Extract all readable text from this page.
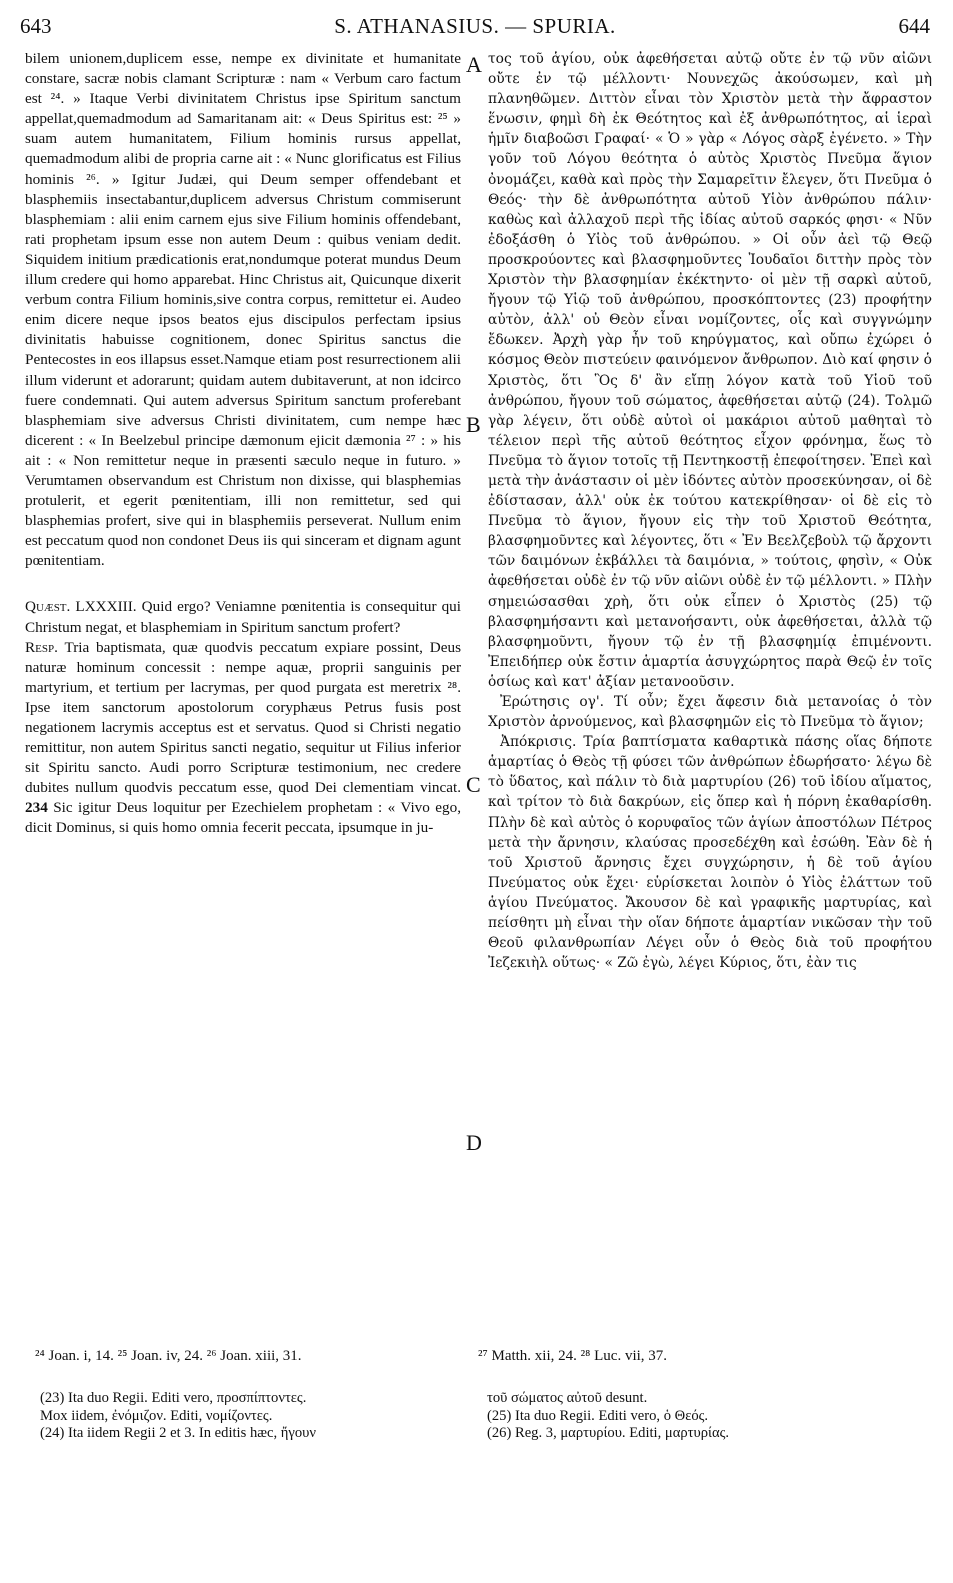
643	S. ATHANASIUS. — SPURIA.	644

bilem unionem,duplicem esse, nempe ex divinitate et humanitate constare, sacræ nobis clamant Scripturæ : nam « Verbum caro factum est ²⁴. » Itaque Verbi divinitatem Christus ipse Spiritum sanctum appellat,quemadmodum ad Samaritanam ait: « Deus Spiritus est: ²⁵ » suam autem humanitatem, Filium hominis rursus appellat, quemadmodum alibi de propria carne ait : « Nunc glorificatus est Filius hominis ²⁶. » Igitur Judæi, qui Deum semper offendebant et blasphemiis insectabantur,duplicem adversus Christum commiserunt blasphemiam : alii enim carnem ejus sive Filium hominis offendebant, rati prophetam ipsum esse non autem Deum : quibus veniam dedit. Siquidem initium prædicationis erat,nondumque poterat mundus Deum illum credere qui homo apparebat. Hinc Christus ait, Quicunque dixerit verbum contra Filium hominis,sive contra corpus, remittetur ei. Audeo enim dicere neque ipsos beatos ejus discipulos perfectam ipsius divinitatis habuisse cognitionem, donec Spiritus sanctus die Pentecostes in eos illapsus esset.Namque etiam post resurrectionem alii illum viderunt et adorarunt; quidam autem dubitaverunt, at non idcirco fuere condemnati. Qui autem adversus Spiritum sanctum proferebant blasphemiam sive adversus Christi divinitatem, cum nempe hæc dicerent : « In Beelzebul principe dæmonum ejicit dæmonia ²⁷ : » his ait : « Non remittetur neque in præsenti sæculo neque in futuro. » Verumtamen observandum est Christum non dixisse, qui blasphemias protulerit, et egerit pœnitentiam, illi non remittetur, sed qui blasphemias profert, sive qui in blasphemiis perseverat. Nullum enim est peccatum quod non condonet Deus iis qui sinceram et dignam agunt pœnitentiam.

Quæst. LXXXIII. Quid ergo? Veniamne pœnitentia is consequitur qui Christum negat, et blasphemiam in Spiritum sanctum profert?

Resp. Tria baptismata, quæ quodvis peccatum expiare possint, Deus naturæ hominum concessit : nempe aquæ, proprii sanguinis per martyrium, et tertium per lacrymas, per quod purgata est meretrix ²⁸. Ipse item sanctorum apostolorum coryphæus Petrus fusis post negationem lacrymis acceptus est et servatus. Quod si Christi negatio remittitur, non autem Spiritus sancti negatio, sequitur ut Filius inferior sit Spiritu sancto. Audi porro Scripturæ testimonium, nec credere dubites nullum quodvis peccatum esse, quod Dei clementiam vincat. 234 Sic igitur Deus loquitur per Ezechielem prophetam : « Vivo ego, dicit Dominus, si quis homo omnia fecerit peccata, ipsumque in ju-

A
B
C
D

τος τοῦ ἁγίου, οὐκ ἀφεθήσεται αὐτῷ οὔτε ἐν τῷ νῦν αἰῶνι οὔτε ἐν τῷ μέλλοντι· Νουνεχῶς ἀκούσωμεν, καὶ μὴ πλανηθῶμεν. Διττὸν εἶναι τὸν Χριστὸν μετὰ τὴν ἄφραστον ἕνωσιν, φημὶ δὴ ἐκ Θεότητος καὶ ἐξ ἀνθρωπότητος, αἱ ἱεραὶ ἡμῖν διαβοῶσι Γραφαί· « Ὁ » γὰρ « Λόγος σὰρξ ἐγένετο. » Τὴν γοῦν τοῦ Λόγου θεότητα ὁ αὐτὸς Χριστὸς Πνεῦμα ἅγιον ὀνομάζει, καθὰ καὶ πρὸς τὴν Σαμαρεῖτιν ἔλεγεν, ὅτι Πνεῦμα ὁ Θεός· τὴν δὲ ἀνθρωπότητα αὐτοῦ Υἱὸν ἀνθρώπου πάλιν· καθὼς καὶ ἀλλαχοῦ περὶ τῆς ἰδίας αὐτοῦ σαρκός φησι· « Νῦν ἐδοξάσθη ὁ Υἱὸς τοῦ ἀνθρώπου. » Οἱ οὖν ἀεὶ τῷ Θεῷ προσκρούοντες καὶ βλασφημοῦντες Ἰουδαῖοι διττὴν πρὸς τὸν Χριστὸν τὴν βλασφημίαν ἐκέκτηντο· οἱ μὲν τῇ σαρκὶ αὐτοῦ, ἤγουν τῷ Υἱῷ τοῦ ἀνθρώπου, προσκόπτοντες (23) προφήτην αὐτὸν, ἀλλ' οὐ Θεὸν εἶναι νομίζοντες, οἷς καὶ συγγνώμην ἔδωκεν. Ἀρχὴ γὰρ ἦν τοῦ κηρύγματος, καὶ οὔπω ἐχώρει ὁ κόσμος Θεὸν πιστεύειν φαινόμενον ἄνθρωπον. Διὸ καί φησιν ὁ Χριστὸς, ὅτι Ὃς δ' ἂν εἴπῃ λόγον κατὰ τοῦ Υἱοῦ τοῦ ἀνθρώπου, ἤγουν τοῦ σώματος, ἀφεθήσεται αὐτῷ (24). Τολμῶ γὰρ λέγειν, ὅτι οὐδὲ αὐτοὶ οἱ μακάριοι αὐτοῦ μαθηταὶ τὸ τέλειον περὶ τῆς αὐτοῦ θεότητος εἶχον φρόνημα, ἕως τὸ Πνεῦμα τὸ ἅγιον τοτοῖς τῇ Πεντηκοστῇ ἐπεφοίτησεν. Ἐπεὶ καὶ μετὰ τὴν ἀνάστασιν οἱ μὲν ἰδόντες αὐτὸν προσεκύνησαν, οἱ δὲ ἐδίστασαν, ἀλλ' οὐκ ἐκ τούτου κατεκρίθησαν· οἱ δὲ εἰς τὸ Πνεῦμα τὸ ἅγιον, ἤγουν εἰς τὴν τοῦ Χριστοῦ Θεότητα, βλασφημοῦντες καὶ λέγοντες, ὅτι « Ἐν Βεελζεβοὺλ τῷ ἄρχοντι τῶν δαιμόνων ἐκβάλλει τὰ δαιμόνια, » τούτοις, φησὶν, « Οὐκ ἀφεθήσεται οὐδὲ ἐν τῷ νῦν αἰῶνι οὐδὲ ἐν τῷ μέλλοντι. » Πλὴν σημειώσασθαι χρὴ, ὅτι οὐκ εἶπεν ὁ Χριστὸς (25) τῷ βλασφημήσαντι καὶ μετανοήσαντι, οὐκ ἀφεθήσεται, ἀλλὰ τῷ βλασφημοῦντι, ἤγουν τῷ ἐν τῇ βλασφημίᾳ ἐπιμένοντι. Ἐπειδήπερ οὐκ ἔστιν ἁμαρτία ἀσυγχώρητος παρὰ Θεῷ ἐν τοῖς ὁσίως καὶ κατ' ἀξίαν μετανοοῦσιν.

Ἐρώτησις ογ'. Τί οὖν; ἔχει ἄφεσιν διὰ μετανοίας ὁ τὸν Χριστὸν ἀρνούμενος, καὶ βλασφημῶν εἰς τὸ Πνεῦμα τὸ ἅγιον;

Ἀπόκρισις. Τρία βαπτίσματα καθαρτικὰ πάσης οἵας δήποτε ἁμαρτίας ὁ Θεὸς τῇ φύσει τῶν ἀνθρώπων ἐδωρήσατο· λέγω δὲ τὸ ὕδατος, καὶ πάλιν τὸ διὰ μαρτυρίου (26) τοῦ ἰδίου αἵματος, καὶ τρίτον τὸ διὰ δακρύων, εἰς ὅπερ καὶ ἡ πόρνη ἐκαθαρίσθη. Πλὴν δὲ καὶ αὐτὸς ὁ κορυφαῖος τῶν ἁγίων ἀποστόλων Πέτρος μετὰ τὴν ἄρνησιν, κλαύσας προσεδέχθη καὶ ἐσώθη. Ἐὰν δὲ ἡ τοῦ Χριστοῦ ἄρνησις ἔχει συγχώρησιν, ἡ δὲ τοῦ ἁγίου Πνεύματος οὐκ ἔχει· εὑρίσκεται λοιπὸν ὁ Υἱὸς ἐλάττων τοῦ ἁγίου Πνεύματος. Ἄκουσον δὲ καὶ γραφικῆς μαρτυρίας, καὶ πείσθητι μὴ εἶναι τὴν οἵαν δήποτε ἁμαρτίαν νικῶσαν τὴν τοῦ Θεοῦ φιλανθρωπίαν Λέγει οὖν ὁ Θεὸς διὰ τοῦ προφήτου Ἰεζεκιὴλ οὕτως· « Ζῶ ἐγὼ, λέγει Κύριος, ὅτι, ἐὰν τις

²⁴ Joan. i, 14. ²⁵ Joan. iv, 24. ²⁶ Joan. xiii, 31.	²⁷ Matth. xii, 24. ²⁸ Luc. vii, 37.

(23) Ita duo Regii. Editi vero, προσπίπτοντες.

Mox iidem, ἐνόμιζον. Editi, νομίζοντες.

(24) Ita iidem Regii 2 et 3. In editis hæc, ἤγουν

τοῦ σώματος αὐτοῦ desunt.

(25) Ita duo Regii. Editi vero, ὁ Θεός.

(26) Reg. 3, μαρτυρίου. Editi, μαρτυρίας.
